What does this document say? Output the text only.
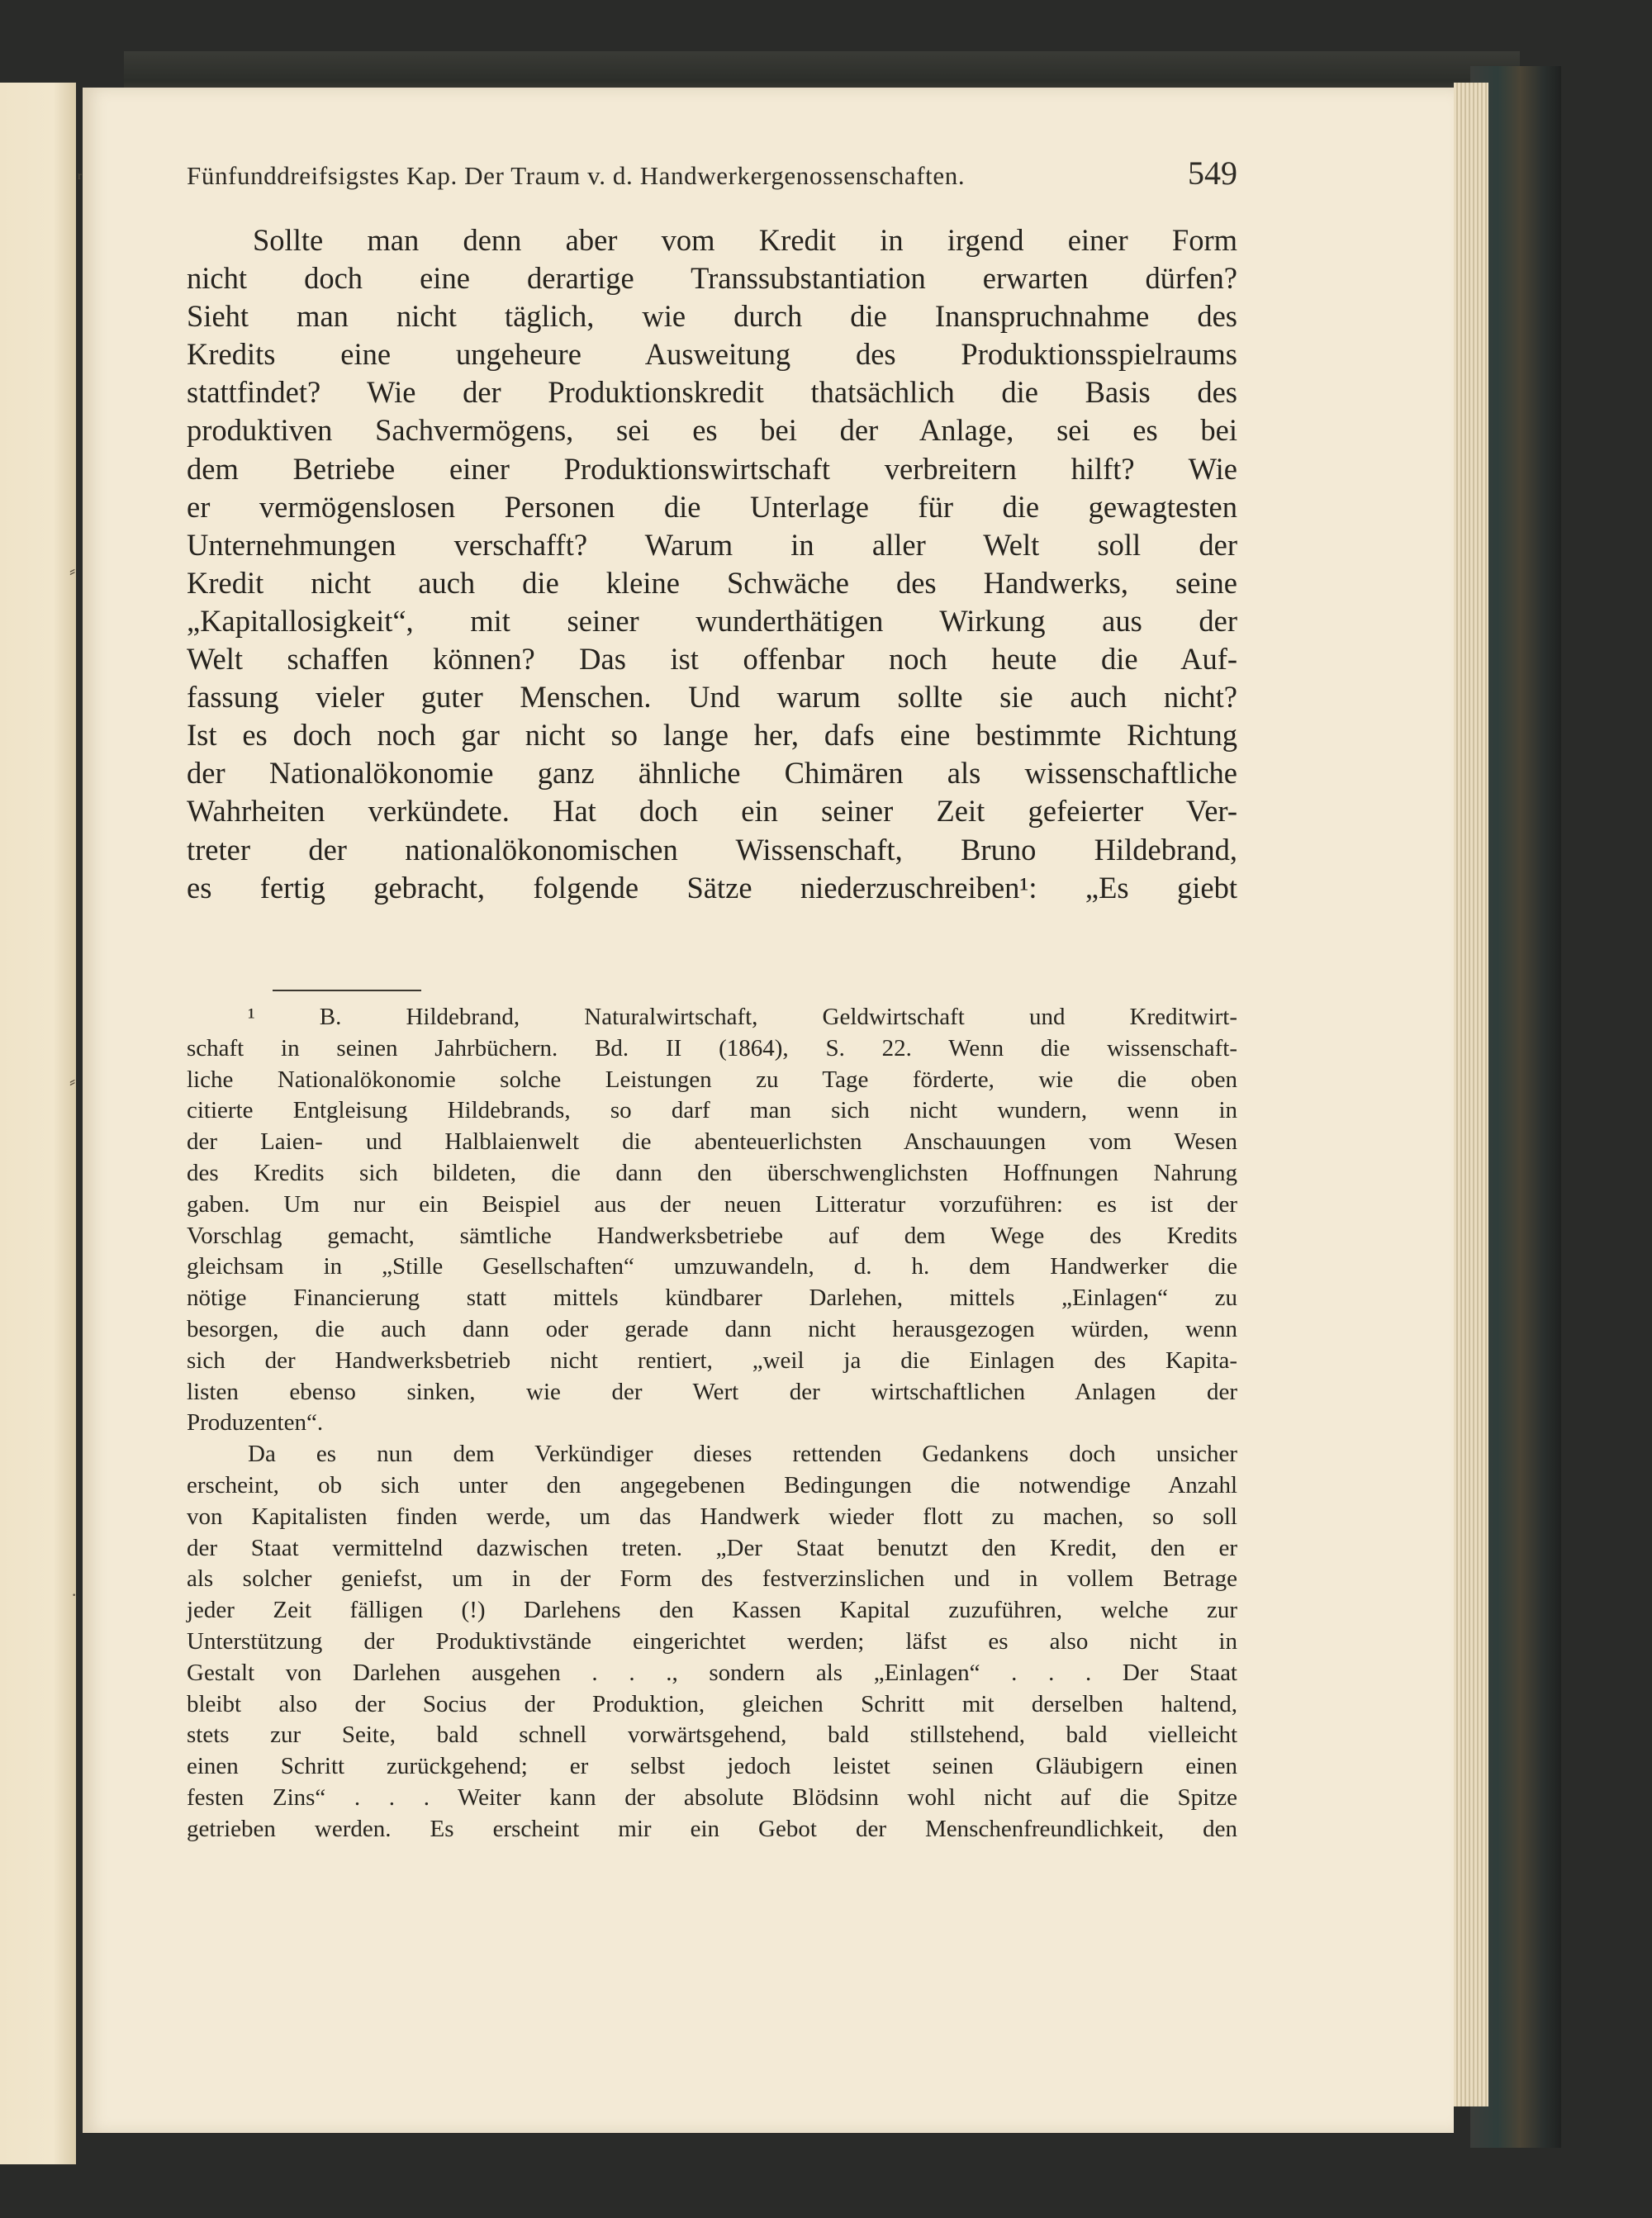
ʳ
⸗
⸗
·
Fünfunddreifsigstes Kap. Der Traum v. d. Handwerkergenossenschaften.	549
Sollte man denn aber vom Kredit in irgend einer Form
nicht doch eine derartige Transsubstantiation erwarten dürfen?
Sieht man nicht täglich, wie durch die Inanspruchnahme des
Kredits eine ungeheure Ausweitung des Produktionsspielraums
stattfindet? Wie der Produktionskredit thatsächlich die Basis des
produktiven Sachvermögens, sei es bei der Anlage, sei es bei
dem Betriebe einer Produktionswirtschaft verbreitern hilft? Wie
er vermögenslosen Personen die Unterlage für die gewagtesten
Unternehmungen verschafft? Warum in aller Welt soll der
Kredit nicht auch die kleine Schwäche des Handwerks, seine
„Kapitallosigkeit“, mit seiner wunderthätigen Wirkung aus der
Welt schaffen können? Das ist offenbar noch heute die Auf-
fassung vieler guter Menschen. Und warum sollte sie auch nicht?
Ist es doch noch gar nicht so lange her, dafs eine bestimmte Richtung
der Nationalökonomie ganz ähnliche Chimären als wissenschaftliche
Wahrheiten verkündete. Hat doch ein seiner Zeit gefeierter Ver-
treter der nationalökonomischen Wissenschaft, Bruno Hildebrand,
es fertig gebracht, folgende Sätze niederzuschreiben¹: „Es giebt
¹ B. Hildebrand, Naturalwirtschaft, Geldwirtschaft und Kreditwirt-
schaft in seinen Jahrbüchern. Bd. II (1864), S. 22. Wenn die wissenschaft-
liche Nationalökonomie solche Leistungen zu Tage förderte, wie die oben
citierte Entgleisung Hildebrands, so darf man sich nicht wundern, wenn in
der Laien- und Halblaienwelt die abenteuerlichsten Anschauungen vom Wesen
des Kredits sich bildeten, die dann den überschwenglichsten Hoffnungen Nahrung
gaben. Um nur ein Beispiel aus der neuen Litteratur vorzuführen: es ist der
Vorschlag gemacht, sämtliche Handwerksbetriebe auf dem Wege des Kredits
gleichsam in „Stille Gesellschaften“ umzuwandeln, d. h. dem Handwerker die
nötige Financierung statt mittels kündbarer Darlehen, mittels „Einlagen“ zu
besorgen, die auch dann oder gerade dann nicht herausgezogen würden, wenn
sich der Handwerksbetrieb nicht rentiert, „weil ja die Einlagen des Kapita-
listen ebenso sinken, wie der Wert der wirtschaftlichen Anlagen der
Produzenten“.
Da es nun dem Verkündiger dieses rettenden Gedankens doch unsicher
erscheint, ob sich unter den angegebenen Bedingungen die notwendige Anzahl
von Kapitalisten finden werde, um das Handwerk wieder flott zu machen, so soll
der Staat vermittelnd dazwischen treten. „Der Staat benutzt den Kredit, den er
als solcher geniefst, um in der Form des festverzinslichen und in vollem Betrage
jeder Zeit fälligen (!) Darlehens den Kassen Kapital zuzuführen, welche zur
Unterstützung der Produktivstände eingerichtet werden; läfst es also nicht in
Gestalt von Darlehen ausgehen . . ., sondern als „Einlagen“ . . . Der Staat
bleibt also der Socius der Produktion, gleichen Schritt mit derselben haltend,
stets zur Seite, bald schnell vorwärtsgehend, bald stillstehend, bald vielleicht
einen Schritt zurückgehend; er selbst jedoch leistet seinen Gläubigern einen
festen Zins“ . . . Weiter kann der absolute Blödsinn wohl nicht auf die Spitze
getrieben werden. Es erscheint mir ein Gebot der Menschenfreundlichkeit, den
